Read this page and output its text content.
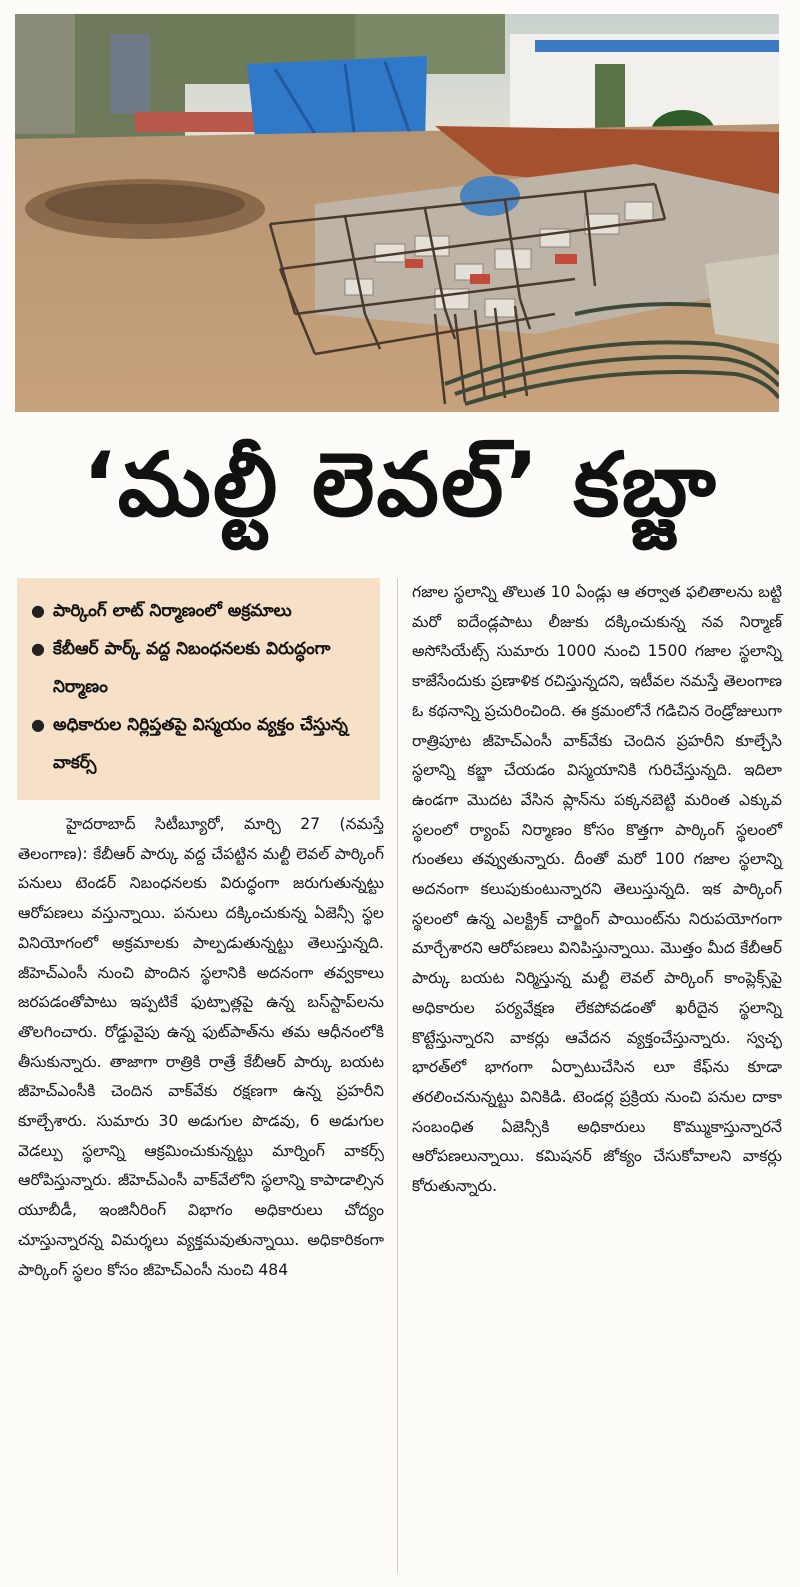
‘మల్టీ లెవల్’ కబ్జా
● పార్కింగ్ లాట్ నిర్మాణంలో అక్రమాలు
● కేబీఆర్ పార్క్ వద్ద నిబంధనలకు విరుద్ధంగా నిర్మాణం
● అధికారుల నిర్లిప్తతపై విస్మయం వ్యక్తం చేస్తున్న వాకర్స్

హైదరాబాద్ సిటీబ్యూరో, మార్చి 27 (నమస్తే తెలంగాణ): కేబీఆర్ పార్కు వద్ద చేపట్టిన మల్టీ లెవల్ పార్కింగ్ పనులు టెండర్ నిబంధనలకు విరుద్ధంగా జరుగుతున్నట్టు ఆరోపణలు వస్తున్నాయి. పనులు దక్కించుకున్న ఏజెన్సీ స్థల వినియోగంలో అక్రమాలకు పాల్పడుతున్నట్టు తెలుస్తున్నది. జీహెచ్ఎంసీ నుంచి పొందిన స్థలానికి అదనంగా తవ్వకాలు జరపడంతోపాటు ఇప్పటికే ఫుట్పాత్లపై ఉన్న బస్‌స్టాప్‌లను తొలగించారు. రోడ్డువైపు ఉన్న ఫుట్‌పాత్‌ను తమ ఆధీనంలోకి తీసుకున్నారు. తాజాగా రాత్రికి రాత్రే కేబీఆర్ పార్కు బయట జీహెచ్ఎంసీకి చెందిన వాక్‌వేకు రక్షణగా ఉన్న ప్రహరీని కూల్చేశారు. సుమారు 30 అడుగుల పొడవు, 6 అడుగుల వెడల్పు స్థలాన్ని ఆక్రమించుకున్నట్టు మార్నింగ్ వాకర్స్ ఆరోపిస్తున్నారు. జీహెచ్ఎంసీ వాక్‌వేలోని స్థలాన్ని కాపాడాల్సిన యూబీడీ, ఇంజినీరింగ్ విభాగం అధికారులు చోద్యం చూస్తున్నారన్న విమర్శలు వ్యక్తమవుతున్నాయి. అధికారికంగా పార్కింగ్ స్థలం కోసం జీహెచ్ఎంసీ నుంచి 484

గజాల స్థలాన్ని తొలుత 10 ఏండ్లు ఆ తర్వాత ఫలితాలను బట్టి మరో ఐదేండ్లపాటు లీజుకు దక్కించుకున్న నవ నిర్మాణ్ అసోసియేట్స్ సుమారు 1000 నుంచి 1500 గజాల స్థలాన్ని కాజేసేందుకు ప్రణాళిక రచిస్తున్నదని, ఇటీవల నమస్తే తెలంగాణ ఓ కథనాన్ని ప్రచురించింది. ఈ క్రమంలోనే గడిచిన రెండ్రోజులుగా రాత్రిపూట జీహెచ్ఎంసీ వాక్‌వేకు చెందిన ప్రహరీని కూల్చేసి స్థలాన్ని కబ్జా చేయడం విస్మయానికి గురిచేస్తున్నది. ఇదిలా ఉండగా మొదట వేసిన ప్లాన్‌ను పక్కనబెట్టి మరింత ఎక్కువ స్థలంలో ర్యాంప్ నిర్మాణం కోసం కొత్తగా పార్కింగ్ స్థలంలో గుంతలు తవ్వుతున్నారు. దీంతో మరో 100 గజాల స్థలాన్ని అదనంగా కలుపుకుంటున్నారని తెలుస్తున్నది. ఇక పార్కింగ్ స్థలంలో ఉన్న ఎలక్ట్రిక్ చార్జింగ్ పాయింట్‌ను నిరుపయోగంగా మార్చేశారని ఆరోపణలు వినిపిస్తున్నాయి. మొత్తం మీద కేబీఆర్ పార్కు బయట నిర్మిస్తున్న మల్టీ లెవల్ పార్కింగ్ కాంప్లెక్స్‌పై అధికారుల పర్యవేక్షణ లేకపోవడంతో ఖరీదైన స్థలాన్ని కొట్టేస్తున్నారని వాకర్లు ఆవేదన వ్యక్తంచేస్తున్నారు. స్వచ్ఛ భారత్‌లో భాగంగా ఏర్పాటుచేసిన లూ కేఫ్‌ను కూడా తరలించనున్నట్టు వినికిడి. టెండర్ల ప్రక్రియ నుంచి పనుల దాకా సంబంధిత ఏజెన్సీకి అధికారులు కొమ్ముకాస్తున్నారనే ఆరోపణలున్నాయి. కమిషనర్ జోక్యం చేసుకోవాలని వాకర్లు కోరుతున్నారు.
